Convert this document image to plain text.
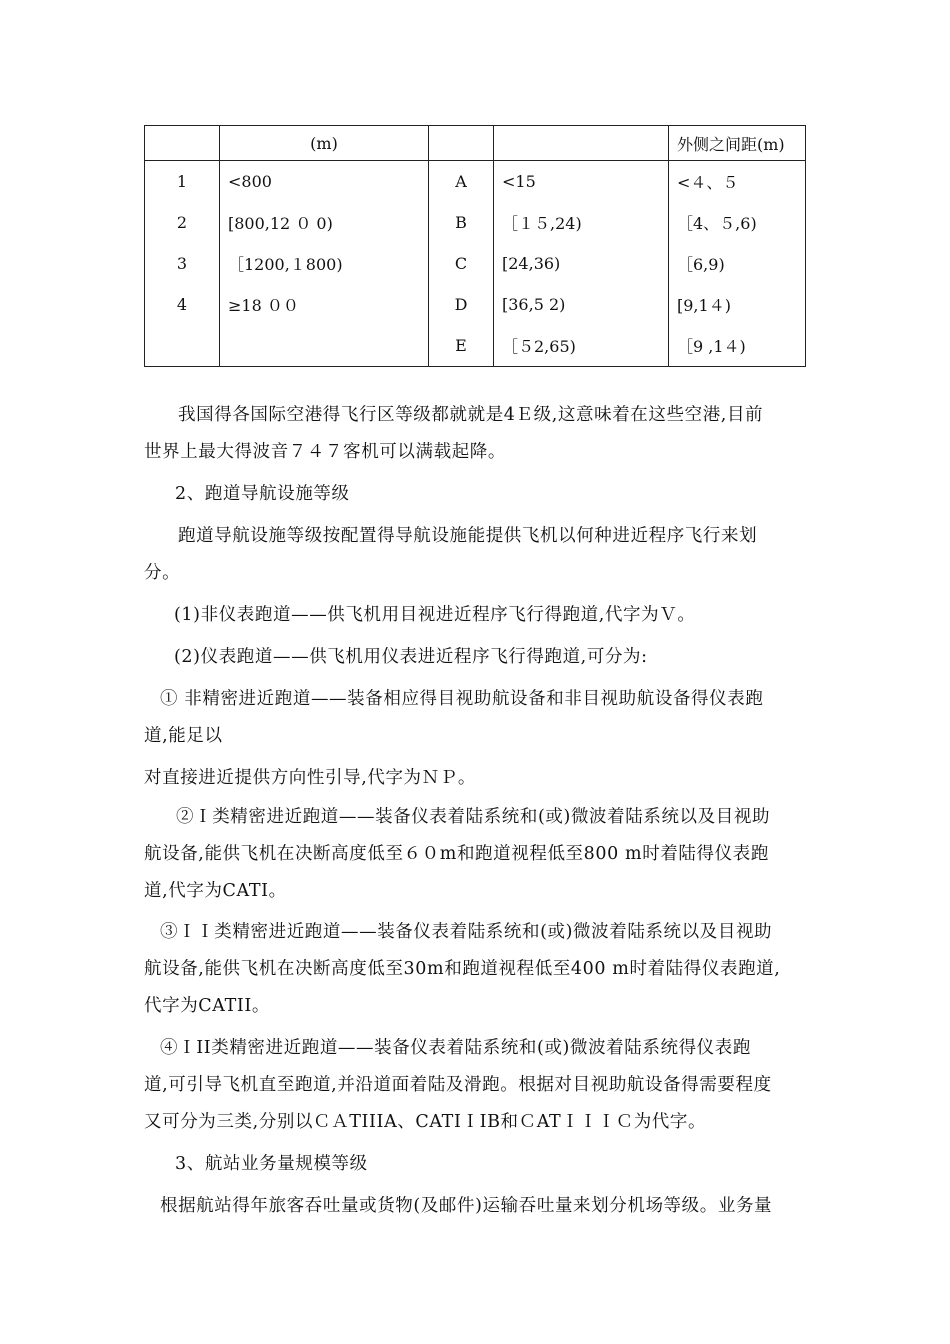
	(m)			外侧之间距(m)
1	<800	A	<15	<４、５
2	[800,12 ０ 0)	B	［１５,24)	［4、５,6)
3	［1200,１800)	C	[24,36)	［6,9)
4	≥18 ００	D	[36,5 2)	[9,1４)
		E	［５2,65)	［9 ,1４)
我国得各国际空港得飞行区等级都就就是4Ｅ级,这意味着在这些空港,目前
世界上最大得波音７４７客机可以满载起降。
2、跑道导航设施等级
跑道导航设施等级按配置得导航设施能提供飞机以何种进近程序飞行来划
分。
(1)非仪表跑道——供飞机用目视进近程序飞行得跑道,代字为Ｖ。
(2)仪表跑道——供飞机用仪表进近程序飞行得跑道,可分为:
① 非精密进近跑道——装备相应得目视助航设备和非目视助航设备得仪表跑
道,能足以
对直接进近提供方向性引导,代字为ＮＰ。
②Ｉ类精密进近跑道——装备仪表着陆系统和(或)微波着陆系统以及目视助
航设备,能供飞机在决断高度低至６０m和跑道视程低至800 m时着陆得仪表跑
道,代字为CATI。
③ＩＩ类精密进近跑道——装备仪表着陆系统和(或)微波着陆系统以及目视助
航设备,能供飞机在决断高度低至30m和跑道视程低至400 m时着陆得仪表跑道,
代字为CATII。
④ＩII类精密进近跑道——装备仪表着陆系统和(或)微波着陆系统得仪表跑
道,可引导飞机直至跑道,并沿道面着陆及滑跑。根据对目视助航设备得需要程度
又可分为三类,分别以ＣＡTIIIA、CATIＩIB和ＣATＩＩＩＣ为代字。
3、航站业务量规模等级
根据航站得年旅客吞吐量或货物(及邮件)运输吞吐量来划分机场等级。业务量
